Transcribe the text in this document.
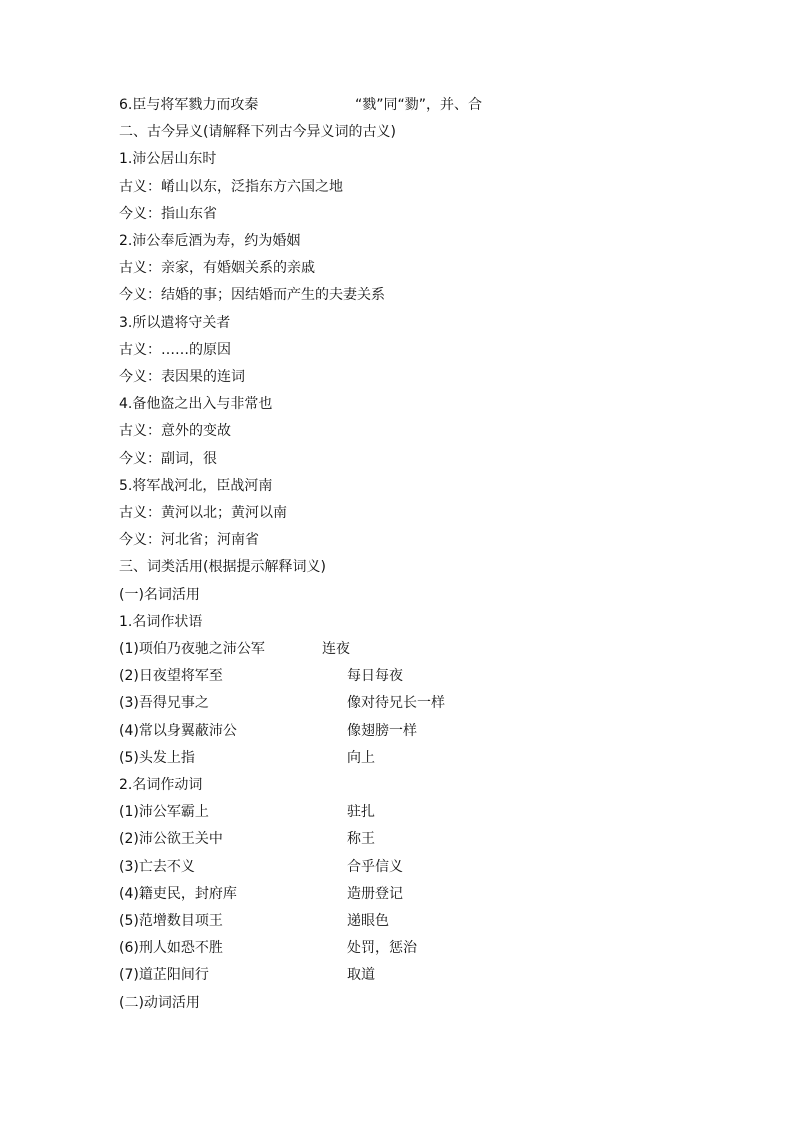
6.臣与将军戮力而攻秦	“戮”同“勠”，并、合
二、古今异义(请解释下列古今异义词的古义)
1.沛公居山东时
古义：崤山以东，泛指东方六国之地
今义：指山东省
2.沛公奉卮酒为寿，约为婚姻
古义：亲家，有婚姻关系的亲戚
今义：结婚的事；因结婚而产生的夫妻关系
3.所以遣将守关者
古义：……的原因
今义：表因果的连词
4.备他盗之出入与非常也
古义：意外的变故
今义：副词，很
5.将军战河北，臣战河南
古义：黄河以北；黄河以南
今义：河北省；河南省
三、词类活用(根据提示解释词义)
(一)名词活用
1.名词作状语
(1)项伯乃夜驰之沛公军	连夜
(2)日夜望将军至	每日每夜
(3)吾得兄事之	像对待兄长一样
(4)常以身翼蔽沛公	像翅膀一样
(5)头发上指	向上
2.名词作动词
(1)沛公军霸上	驻扎
(2)沛公欲王关中	称王
(3)亡去不义	合乎信义
(4)籍吏民，封府库	造册登记
(5)范增数目项王	递眼色
(6)刑人如恐不胜	处罚，惩治
(7)道芷阳间行	取道
(二)动词活用
